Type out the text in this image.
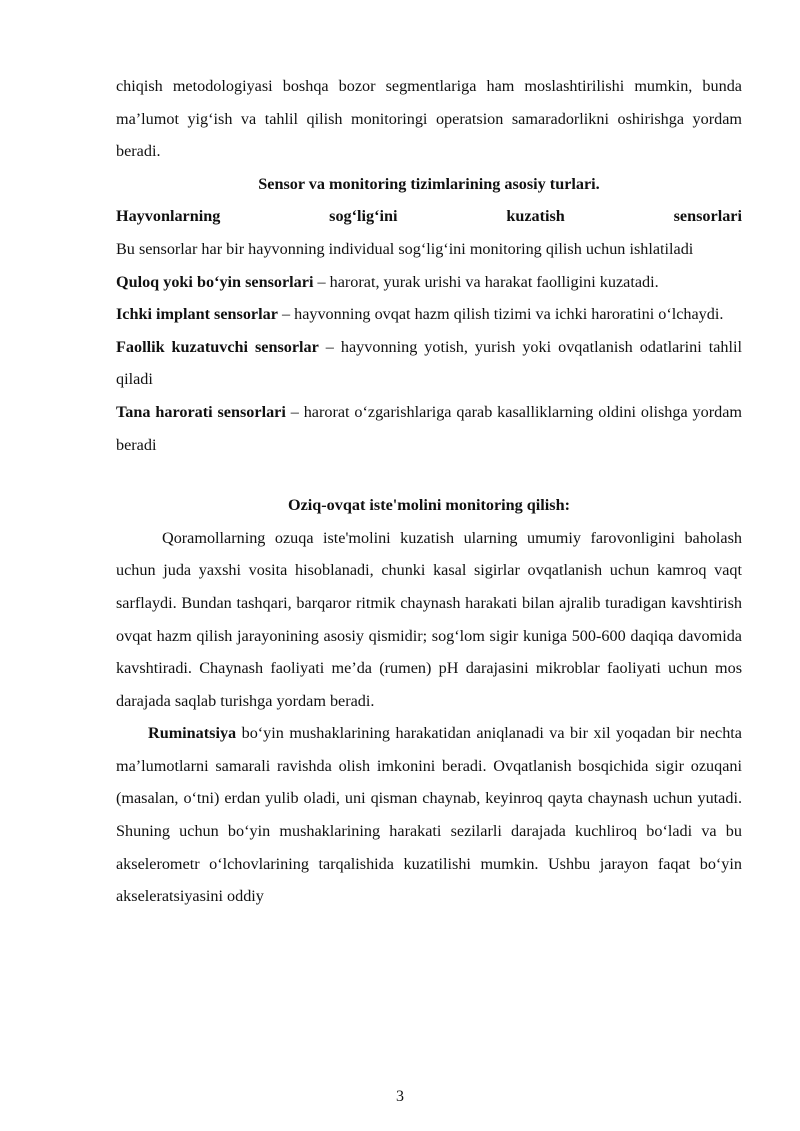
chiqish metodologiyasi boshqa bozor segmentlariga ham moslashtirilishi mumkin, bunda ma’lumot yig‘ish va tahlil qilish monitoringi operatsion samaradorlikni oshirishga yordam beradi.

Sensor va monitoring tizimlarining asosiy turlari.

Hayvonlarning	sog‘lig‘ini	kuzatish	sensorlari

Bu sensorlar har bir hayvonning individual sog‘lig‘ini monitoring qilish uchun ishlatiladi

Quloq yoki bo‘yin sensorlari – harorat, yurak urishi va harakat faolligini kuzatadi.

Ichki implant sensorlar – hayvonning ovqat hazm qilish tizimi va ichki haroratini o‘lchaydi.

Faollik kuzatuvchi sensorlar – hayvonning yotish, yurish yoki ovqatlanish odatlarini tahlil qiladi

Tana harorati sensorlari – harorat o‘zgarishlariga qarab kasalliklarning oldini olishga yordam beradi

Oziq-ovqat iste'molini monitoring qilish:

Qoramollarning ozuqa iste'molini kuzatish ularning umumiy farovonligini baholash uchun juda yaxshi vosita hisoblanadi, chunki kasal sigirlar ovqatlanish uchun kamroq vaqt sarflaydi. Bundan tashqari, barqaror ritmik chaynash harakati bilan ajralib turadigan kavshtirish ovqat hazm qilish jarayonining asosiy qismidir; sog‘lom sigir kuniga 500-600 daqiqa davomida kavshtiradi. Chaynash faoliyati me’da (rumen) pH darajasini mikroblar faoliyati uchun mos darajada saqlab turishga yordam beradi.

Ruminatsiya bo‘yin mushaklarining harakatidan aniqlanadi va bir xil yoqadan bir nechta ma’lumotlarni samarali ravishda olish imkonini beradi. Ovqatlanish bosqichida sigir ozuqani (masalan, o‘tni) erdan yulib oladi, uni qisman chaynab, keyinroq qayta chaynash uchun yutadi. Shuning uchun bo‘yin mushaklarining harakati sezilarli darajada kuchliroq bo‘ladi va bu akselerometr o‘lchovlarining tarqalishida kuzatilishi mumkin. Ushbu jarayon faqat bo‘yin akseleratsiyasini oddiy

3
